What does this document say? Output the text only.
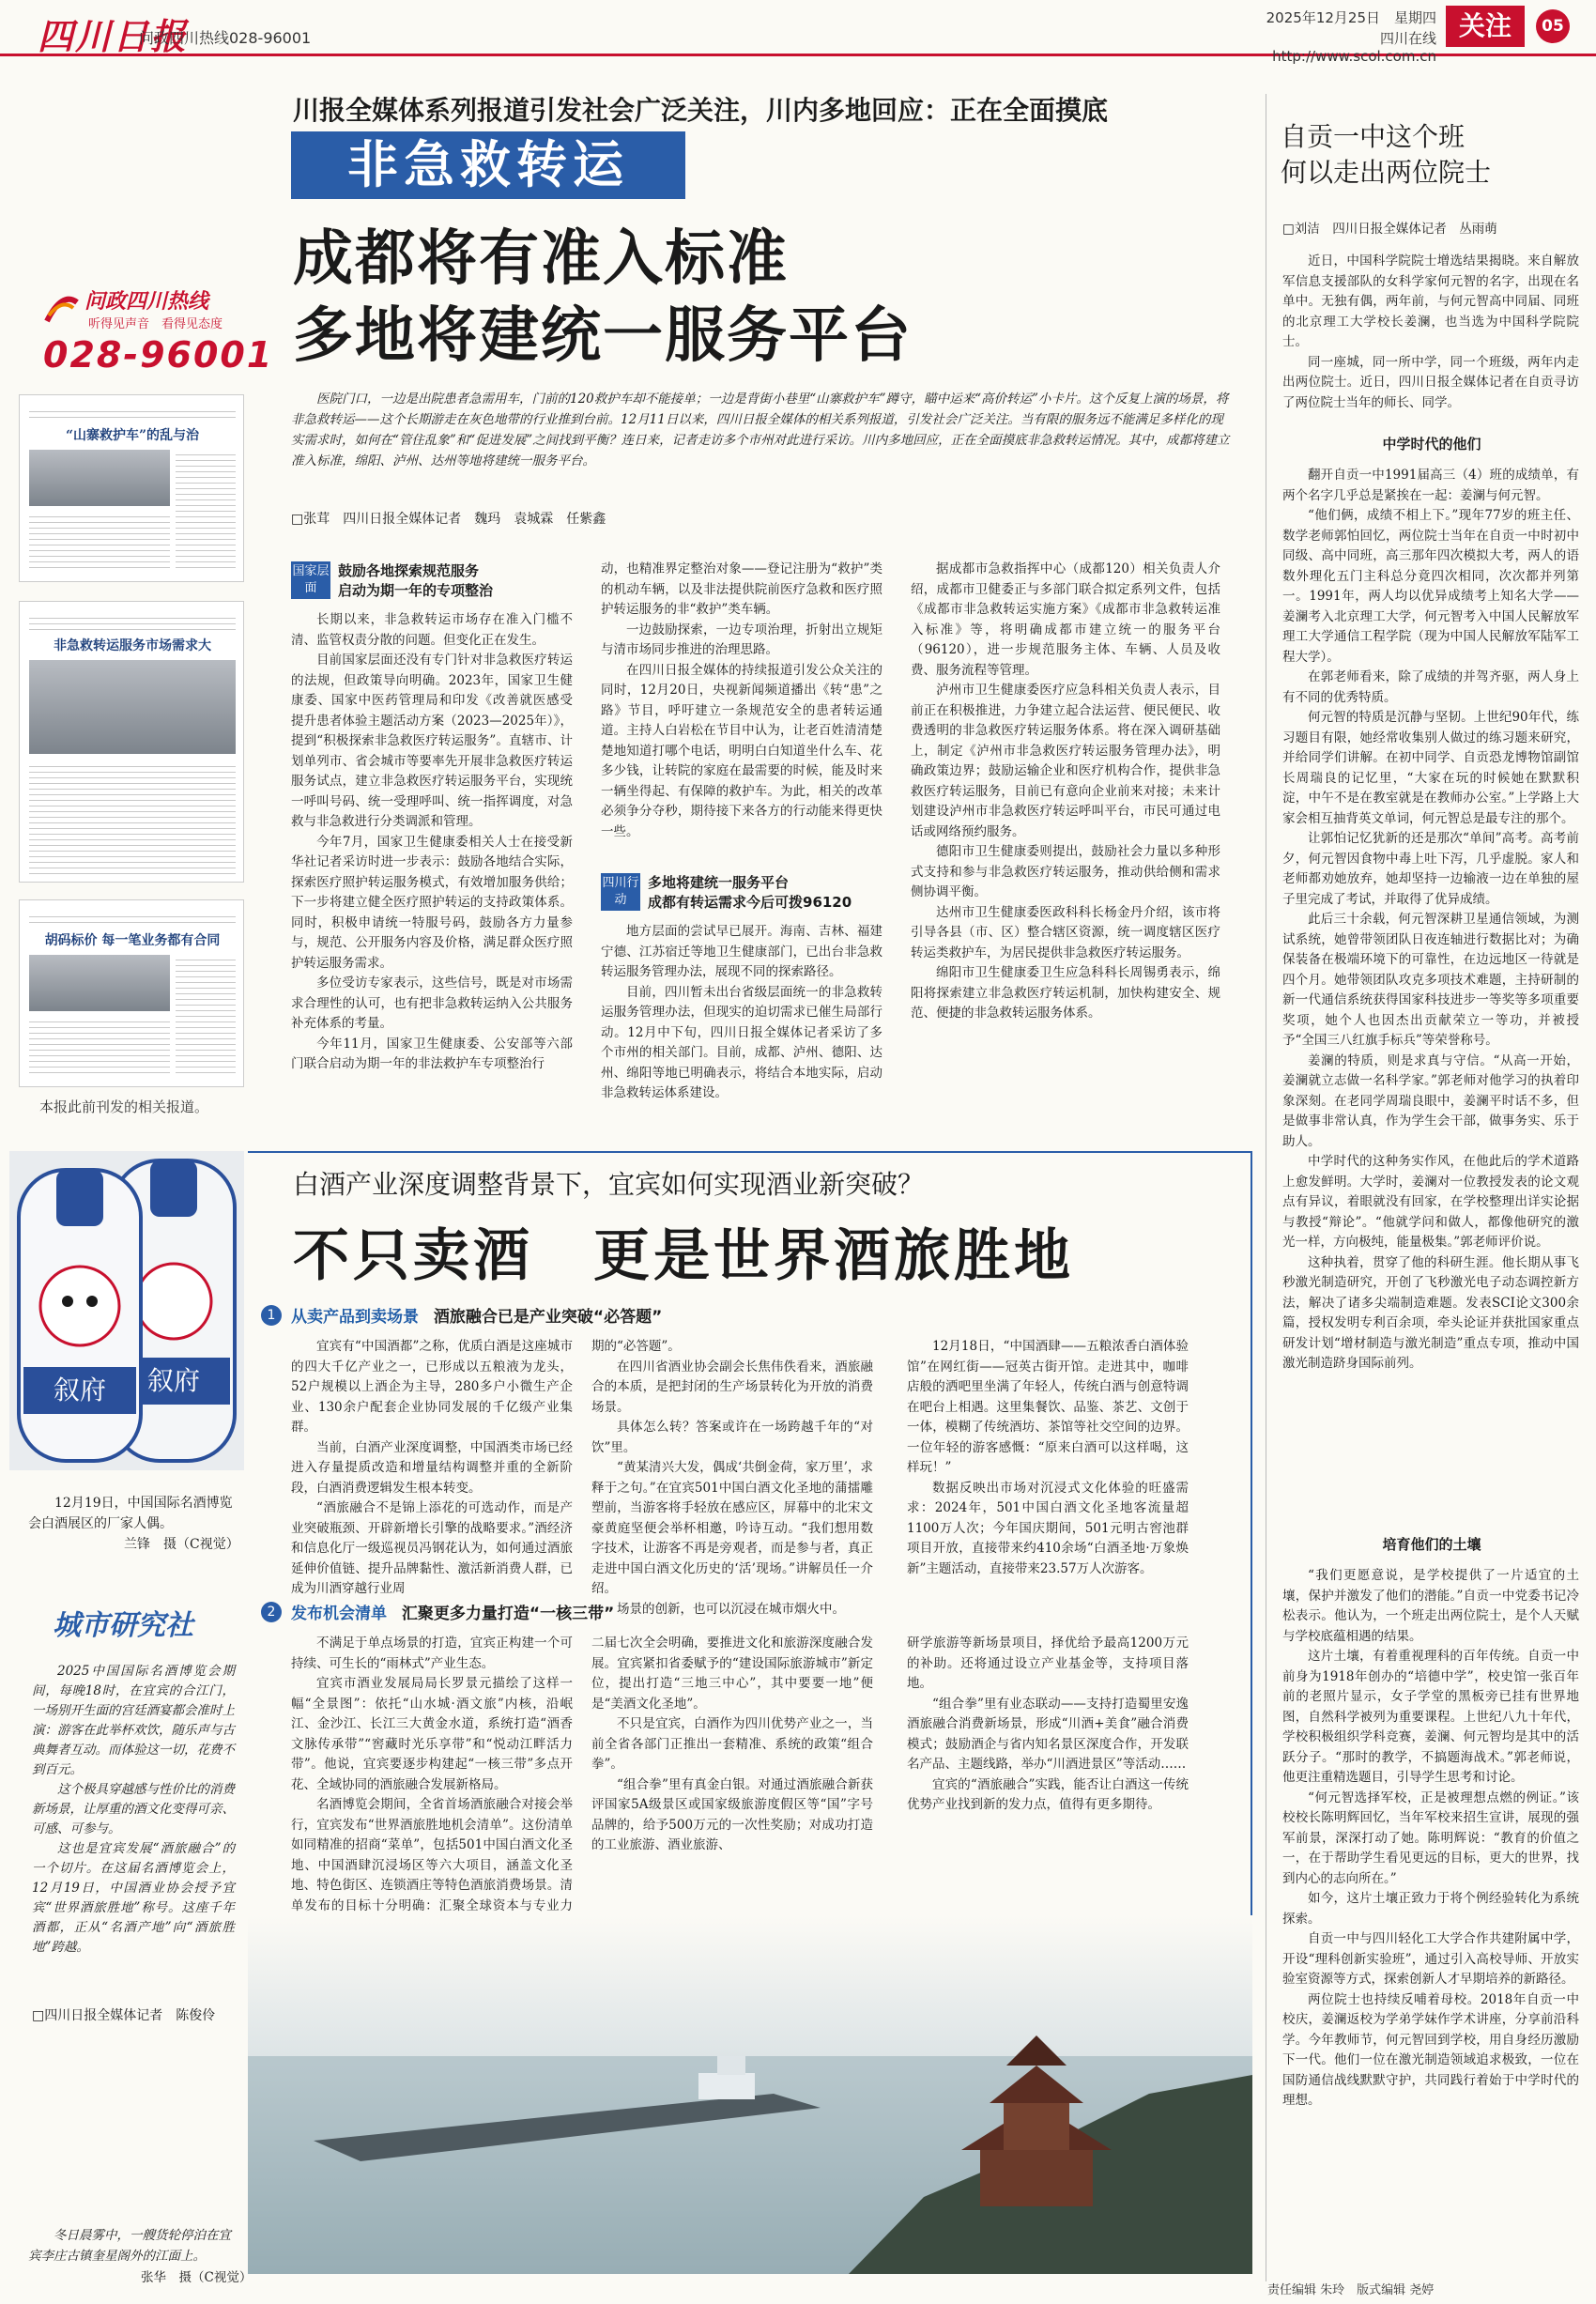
四川日报
问政四川热线028-96001
2025年12月25日　星期四
四川在线http://www.scol.com.cn
关注	05
问政四川热线
听得见声音　看得见态度
028-96001
“山寨救护车”的乱与治
非急救转运服务市场需求大
胡码标价 每一笔业务都有合同
本报此前刊发的相关报道。
川报全媒体系列报道引发社会广泛关注，川内多地回应：正在全面摸底
非急救转运
成都将有准入标准
多地将建统一服务平台
医院门口，一边是出院患者急需用车，门前的120救护车却不能接单；一边是背街小巷里“山寨救护车”蹲守，瞄中运来“高价转运”小卡片。这个反复上演的场景，将非急救转运——这个长期游走在灰色地带的行业推到台前。12月11日以来，四川日报全媒体的相关系列报道，引发社会广泛关注。当有限的服务远不能满足多样化的现实需求时，如何在“管住乱象”和“促进发展”之间找到平衡？连日来，记者走访多个市州对此进行采访。川内多地回应，正在全面摸底非急救转运情况。其中，成都将建立准入标准，绵阳、泸州、达州等地将建统一服务平台。
□张茸　四川日报全媒体记者　魏玛　袁城霖　任紫鑫
国家层面
鼓励各地探索规范服务
启动为期一年的专项整治

长期以来，非急救转运市场存在准入门槛不清、监管权责分散的问题。但变化正在发生。

目前国家层面还没有专门针对非急救医疗转运的法规，但政策导向明确。2023年，国家卫生健康委、国家中医药管理局和印发《改善就医感受　提升患者体验主题活动方案（2023—2025年）》，提到“积极探索非急救医疗转运服务”。直辖市、计划单列市、省会城市等要率先开展非急救医疗转运服务试点，建立非急救医疗转运服务平台，实现统一呼叫号码、统一受理呼叫、统一指挥调度，对急救与非急救进行分类调派和管理。

今年7月，国家卫生健康委相关人士在接受新华社记者采访时进一步表示：鼓励各地结合实际，探索医疗照护转运服务模式，有效增加服务供给；下一步将建立健全医疗照护转运的支持政策体系。同时，积极申请统一特服号码，鼓励各方力量参与，规范、公开服务内容及价格，满足群众医疗照护转运服务需求。

多位受访专家表示，这些信号，既是对市场需求合理性的认可，也有把非急救转运纳入公共服务补充体系的考量。

今年11月，国家卫生健康委、公安部等六部门联合启动为期一年的非法救护车专项整治行

动，也精准界定整治对象——登记注册为“救护”类的机动车辆，以及非法提供院前医疗急救和医疗照护转运服务的非“救护”类车辆。

一边鼓励探索，一边专项治理，折射出立规矩与清市场同步推进的治理思路。

在四川日报全媒体的持续报道引发公众关注的同时，12月20日，央视新闻频道播出《转“患”之路》节目，呼吁建立一条规范安全的患者转运通道。主持人白岩松在节目中认为，让老百姓清清楚楚地知道打哪个电话，明明白白知道坐什么车、花多少钱，让转院的家庭在最需要的时候，能及时来一辆坐得起、有保障的救护车。为此，相关的改革必须争分夺秒，期待接下来各方的行动能来得更快一些。

四川行动
多地将建统一服务平台
成都有转运需求今后可拨96120

地方层面的尝试早已展开。海南、吉林、福建宁德、江苏宿迁等地卫生健康部门，已出台非急救转运服务管理办法，展现不同的探索路径。

目前，四川暂未出台省级层面统一的非急救转运服务管理办法，但现实的迫切需求已催生局部行动。12月中下旬，四川日报全媒体记者采访了多个市州的相关部门。目前，成都、泸州、德阳、达州、绵阳等地已明确表示，将结合本地实际，启动非急救转运体系建设。

据成都市急救指挥中心（成都120）相关负责人介绍，成都市卫健委正与多部门联合拟定系列文件，包括《成都市非急救转运实施方案》《成都市非急救转运准入标准》等，将明确成都市建立统一的服务平台（96120），进一步规范服务主体、车辆、人员及收费、服务流程等管理。

泸州市卫生健康委医疗应急科相关负责人表示，目前正在积极推进，力争建立起合法运营、便民便民、收费透明的非急救医疗转运服务体系。将在深入调研基础上，制定《泸州市非急救医疗转运服务管理办法》，明确政策边界；鼓励运输企业和医疗机构合作，提供非急救医疗转运服务，目前已有意向企业前来对接；未来计划建设泸州市非急救医疗转运呼叫平台，市民可通过电话或网络预约服务。

德阳市卫生健康委则提出，鼓励社会力量以多种形式支持和参与非急救医疗转运服务，推动供给侧和需求侧协调平衡。

达州市卫生健康委医政科科长杨金丹介绍，该市将引导各县（市、区）整合辖区资源，统一调度辖区医疗转运类救护车，为居民提供非急救医疗转运服务。

绵阳市卫生健康委卫生应急科科长周锡勇表示，绵阳将探索建立非急救医疗转运机制，加快构建安全、规范、便捷的非急救转运服务体系。

自贡一中这个班
何以走出两位院士
□刘洁　四川日报全媒体记者　丛雨萌

近日，中国科学院院士增选结果揭晓。来自解放军信息支援部队的女科学家何元智的名字，出现在名单中。无独有偶，两年前，与何元智高中同届、同班的北京理工大学校长姜澜，也当选为中国科学院院士。

同一座城，同一所中学，同一个班级，两年内走出两位院士。近日，四川日报全媒体记者在自贡寻访了两位院士当年的师长、同学。

中学时代的他们

翻开自贡一中1991届高三（4）班的成绩单，有两个名字几乎总是紧挨在一起：姜澜与何元智。

“他们俩，成绩不相上下。”现年77岁的班主任、数学老师郭怕回忆，两位院士当年在自贡一中时初中同级、高中同班，高三那年四次模拟大考，两人的语数外理化五门主科总分竟四次相同，次次都并列第一。1991年，两人均以优异成绩考上知名大学——姜澜考入北京理工大学，何元智考入中国人民解放军理工大学通信工程学院（现为中国人民解放军陆军工程大学）。

在郭老师看来，除了成绩的并驾齐驱，两人身上有不同的优秀特质。

何元智的特质是沉静与坚韧。上世纪90年代，练习题目有限，她经常收集别人做过的练习题来研究，并给同学们讲解。在初中同学、自贡恐龙博物馆副馆长周瑞良的记忆里，“大家在玩的时候她在默默积淀，中午不是在教室就是在教师办公室。”上学路上大家会相互抽背英文单词，何元智总是最专注的那个。

让郭怕记忆犹新的还是那次“单间”高考。高考前夕，何元智因食物中毒上吐下泻，几乎虚脱。家人和老师都劝她放弃，她却坚持一边输液一边在单独的屋子里完成了考试，并取得了优异成绩。

此后三十余载，何元智深耕卫星通信领域，为测试系统，她曾带领团队日夜连轴进行数据比对；为确保装备在极端环境下的可靠性，在边远地区一待就是四个月。她带领团队攻克多项技术难题，主持研制的新一代通信系统获得国家科技进步一等奖等多项重要奖项，她个人也因杰出贡献荣立一等功，并被授予“全国三八红旗手标兵”等荣誉称号。

姜澜的特质，则是求真与守信。“从高一开始，姜澜就立志做一名科学家。”郭老师对他学习的执着印象深刻。在老同学周瑞良眼中，姜澜平时话不多，但是做事非常认真，作为学生会干部，做事务实、乐于助人。

中学时代的这种务实作风，在他此后的学术道路上愈发鲜明。大学时，姜澜对一位教授发表的论文观点有异议，着眼就没有回家，在学校整理出详实论据与教授“辩论”。“他就学问和做人，都像他研究的激光一样，方向极纯，能量极集。”郭老师评价说。

这种执着，贯穿了他的科研生涯。他长期从事飞秒激光制造研究，开创了飞秒激光电子动态调控新方法，解决了诸多尖端制造难题。发表SCI论文300余篇，授权发明专利百余项，牵头论证并获批国家重点研发计划“增材制造与激光制造”重点专项，推动中国激光制造跻身国际前列。

培育他们的土壤

“我们更愿意说，是学校提供了一片适宜的土壤，保护并激发了他们的潜能。”自贡一中党委书记冷松表示。他认为，一个班走出两位院士，是个人天赋与学校底蕴相遇的结果。

这片土壤，有着重视理科的百年传统。自贡一中前身为1918年创办的“培德中学”，校史馆一张百年前的老照片显示，女子学堂的黑板旁已挂有世界地图，自然科学被列为重要课程。上世纪八九十年代，学校积极组织学科竞赛，姜澜、何元智均是其中的活跃分子。“那时的教学，不搞题海战术。”郭老师说，他更注重精选题目，引导学生思考和讨论。

“何元智选择军校，正是被理想点燃的例证。”该校校长陈明辉回忆，当年军校来招生宣讲，展现的强军前景，深深打动了她。陈明辉说：“教育的价值之一，在于帮助学生看见更远的目标，更大的世界，找到内心的志向所在。”

如今，这片土壤正致力于将个例经验转化为系统探索。

自贡一中与四川轻化工大学合作共建附属中学，开设“理科创新实验班”，通过引入高校导师、开放实验室资源等方式，探索创新人才早期培养的新路径。

两位院士也持续反哺着母校。2018年自贡一中校庆，姜澜返校为学弟学妹作学术讲座，分享前沿科学。今年教师节，何元智回到学校，用自身经历激励下一代。他们一位在激光制造领域追求极致，一位在国防通信战线默默守护，共同践行着始于中学时代的理想。

白酒产业深度调整背景下，宜宾如何实现酒业新突破？
不只卖酒　更是世界酒旅胜地
1 从卖产品到卖场景 酒旅融合已是产业突破“必答题”

宜宾有“中国酒都”之称，优质白酒是这座城市的四大千亿产业之一，已形成以五粮液为龙头，52户规模以上酒企为主导，280多户小微生产企业、130余户配套企业协同发展的千亿级产业集群。

当前，白酒产业深度调整，中国酒类市场已经进入存量提质改造和增量结构调整并重的全新阶段，白酒消费逻辑发生根本转变。

“酒旅融合不是锦上添花的可选动作，而是产业突破瓶颈、开辟新增长引擎的战略要求。”酒经济和信息化厅一级巡视员冯钢花认为，如何通过酒旅延伸价值链、提升品牌黏性、激活新消费人群，已成为川酒穿越行业周

期的“必答题”。

在四川省酒业协会副会长焦伟佚看来，酒旅融合的本质，是把封闭的生产场景转化为开放的消费场景。

具体怎么转？答案或许在一场跨越千年的“对饮”里。

“黄某清兴大发，偶成‘共倒金荷，家万里’，求释于之句。”在宜宾501中国白酒文化圣地的蒲擂雕塑前，当游客将手轻放在感应区，屏幕中的北宋文豪黄庭坚便会举杯相邀，吟诗互动。“我们想用数字技术，让游客不再是旁观者，而是参与者，真正走进中国白酒文化历史的‘活’现场。”讲解员任一介绍。

场景的创新，也可以沉浸在城市烟火中。

12月18日，“中国酒肆——五粮浓香白酒体验馆”在网红街——冠英古街开馆。走进其中，咖啡店般的洒吧里坐满了年轻人，传统白酒与创意特调在吧台上相遇。这里集餐饮、品鉴、茶艺、文创于一体，模糊了传统酒坊、茶馆等社交空间的边界。一位年轻的游客感慨：“原来白酒可以这样喝，这样玩！”

数据反映出市场对沉浸式文化体验的旺盛需求：2024年，501中国白酒文化圣地客流量超1100万人次；今年国庆期间，501元明古窖池群项目开放，直接带来约410余场“白酒圣地·万象焕新”主题活动，直接带来23.57万人次游客。

2 发布机会清单 汇聚更多力量打造“一核三带”

不满足于单点场景的打造，宜宾正构建一个可持续、可生长的“雨林式”产业生态。

宜宾市酒业发展局局长罗景元描绘了这样一幅“全景图”：依托“山水城·酒文旅”内核，沿岷江、金沙江、长江三大黄金水道，系统打造“酒香文脉传承带”“窖藏时光乐享带”和“悦动江畔活力带”。他说，宜宾要逐步构建起“一核三带”多点开花、全域协同的酒旅融合发展新格局。

名酒博览会期间，全省首场酒旅融合对接会举行，宜宾发布“世界酒旅胜地机会清单”。这份清单如同精准的招商“菜单”，包括501中国白酒文化圣地、中国酒肆沉浸场区等六大项目，涵盖文化圣地、特色街区、连锁酒庄等特色酒旅消费场景。清单发布的目标十分明确：汇聚全球资本与专业力

二届七次全会明确，要推进文化和旅游深度融合发展。宜宾紧扣省委赋予的“建设国际旅游城市”新定位，提出打造“三地三中心”，其中要要一地”便是“美酒文化圣地”。

不只是宜宾，白酒作为四川优势产业之一，当前全省各部门正推出一套精准、系统的政策“组合拳”。

“组合拳”里有真金白银。对通过酒旅融合新获评国家5A级景区或国家级旅游度假区等“国”字号品牌的，给予500万元的一次性奖励；对成功打造的工业旅游、酒业旅游、

研学旅游等新场景项目，择优给予最高1200万元的补助。还将通过设立产业基金等，支持项目落地。

“组合拳”里有业态联动——支持打造蜀里安逸酒旅融合消费新场景，形成“川酒+美食”融合消费模式；鼓励酒企与省内知名景区深度合作，开发联名产品、主题线路，举办“川酒进景区”等活动……

宜宾的“酒旅融合”实践，能否让白酒这一传统优势产业找到新的发力点，值得有更多期待。

叙府
叙府
12月19日，中国国际名酒博览会白酒展区的厂家人偶。
兰锋　摄（C视觉）
城市研究社

2025中国国际名酒博览会期间，每晚18时，在宜宾的合江门，一场别开生面的宫廷酒宴都会准时上演：游客在此举杯欢饮，随乐声与古典舞者互动。而体验这一切，花费不到百元。

这个极具穿越感与性价比的消费新场景，让厚重的酒文化变得可亲、可感、可参与。

这也是宜宾发展“酒旅融合”的一个切片。在这届名酒博览会上，12月19日，中国酒业协会授予宜宾“世界酒旅胜地”称号。这座千年酒都，正从“名酒产地”向“酒旅胜地”跨越。

□四川日报全媒体记者　陈俊伶
冬日晨雾中，一艘货轮停泊在宜宾李庄古镇奎星阁外的江面上。
张华　摄（C视觉）
责任编辑 朱玲　版式编辑 尧婷
